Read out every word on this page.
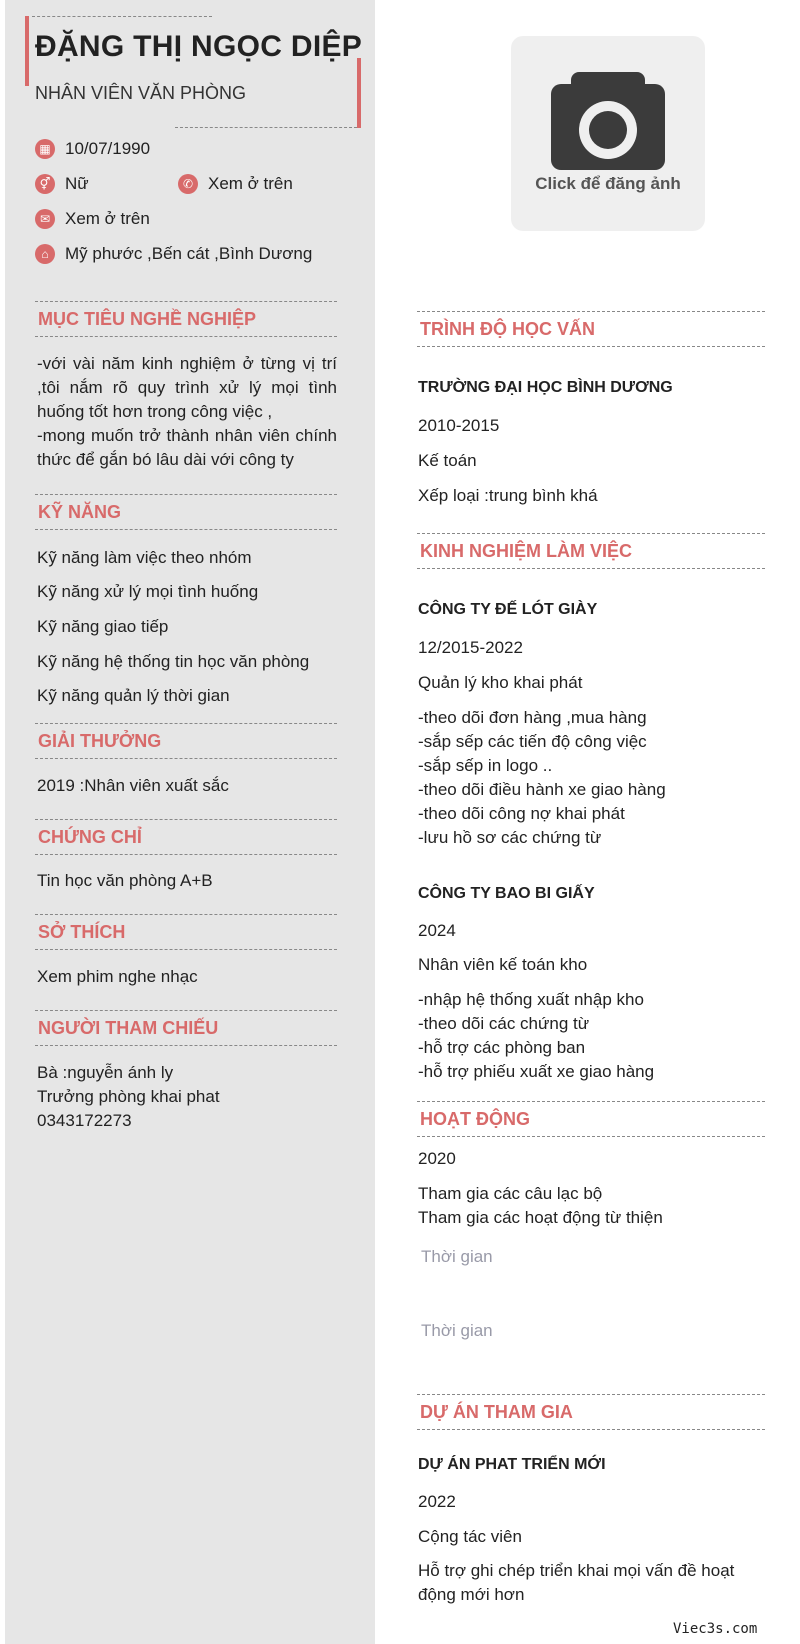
ĐẶNG THỊ NGỌC DIỆP
NHÂN VIÊN VĂN PHÒNG
▦ 10/07/1990
⚥ Nữ	✆ Xem ở trên
✉ Xem ở trên
⌂ Mỹ phước ,Bến cát ,Bình Dương
Click để đăng ảnh
MỤC TIÊU NGHỀ NGHIỆP
-với vài năm kinh nghiệm ở từng vị trí ,tôi nắm rõ quy trình xử lý mọi tình huống tốt hơn trong công việc ,
-mong muốn trở thành nhân viên chính thức để gắn bó lâu dài với công ty
KỸ NĂNG
Kỹ năng làm việc theo nhóm
Kỹ năng xử lý mọi tình huống
Kỹ năng giao tiếp
Kỹ năng hệ thống tin học văn phòng
Kỹ năng quản lý thời gian
GIẢI THƯỞNG
2019 :Nhân viên xuất sắc
CHỨNG CHỈ
Tin học văn phòng A+B
SỞ THÍCH
Xem phim nghe nhạc
NGƯỜI THAM CHIẾU
Bà :nguyễn ánh ly
Trưởng phòng khai phat
0343172273
TRÌNH ĐỘ HỌC VẤN
TRƯỜNG ĐẠI HỌC BÌNH DƯƠNG
2010-2015
Kế toán
Xếp loại :trung bình khá
KINH NGHIỆM LÀM VIỆC
CÔNG TY ĐẾ LÓT GIÀY
12/2015-2022
Quản lý kho khai phát
-theo dõi đơn hàng ,mua hàng
-sắp sếp các tiến độ công việc
-sắp sếp in logo ..
-theo dõi điều hành xe giao hàng
-theo dõi công nợ khai phát
-lưu hồ sơ các chứng từ
CÔNG TY BAO BI GIẤY
2024
Nhân viên kế toán kho
-nhập hệ thống xuất nhập kho
-theo dõi các chứng từ
-hỗ trợ các phòng ban
-hỗ trợ phiếu xuất xe giao hàng
HOẠT ĐỘNG
2020
Tham gia các câu lạc bộ
Tham gia các hoạt động từ thiện
Thời gian
Thời gian
DỰ ÁN THAM GIA
DỰ ÁN PHAT TRIỂN MỚI
2022
Cộng tác viên
Hỗ trợ ghi chép triển khai mọi vấn đề hoạt động mới hơn
Viec3s.com
